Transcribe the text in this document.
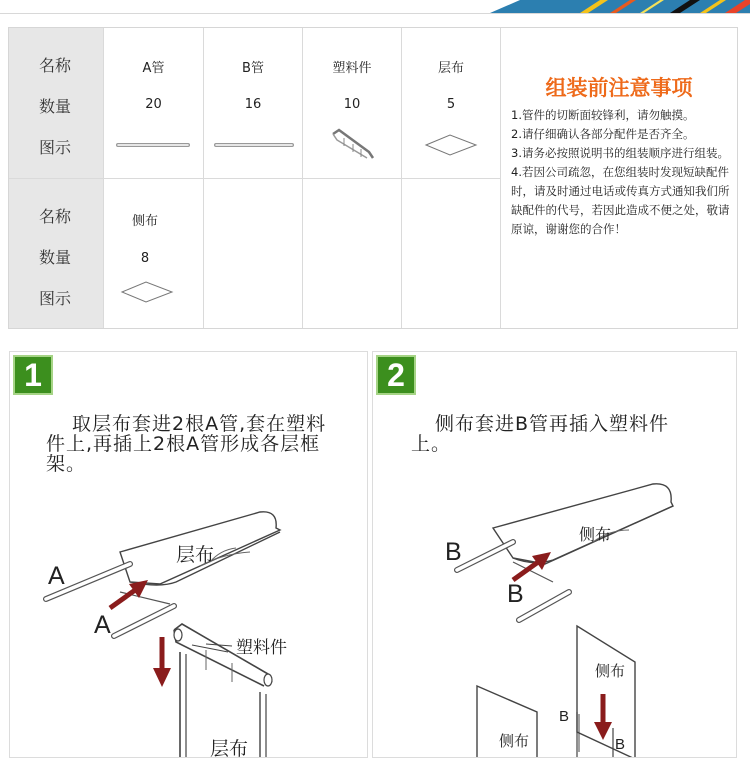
名称
数量
图示
A管
20
B管
16
塑料件
10
层布
5
名称
数量
图示
侧布
8
组装前注意事项

1.管件的切断面较锋利，请勿触摸。

2.请仔细确认各部分配件是否齐全。

3.请务必按照说明书的组装顺序进行组装。

4.若因公司疏忽，在您组装时发现短缺配件时，请及时通过电话或传真方式通知我们所缺配件的代号，若因此造成不便之处，敬请原谅，谢谢您的合作！

1
取层布套进2根A管,套在塑料
件上,再插上2根A管形成各层框
架。
层布
A
A
塑料件
层布
2
侧布套进B管再插入塑料件
上。
侧布
B
B
侧布
侧布
B
B
